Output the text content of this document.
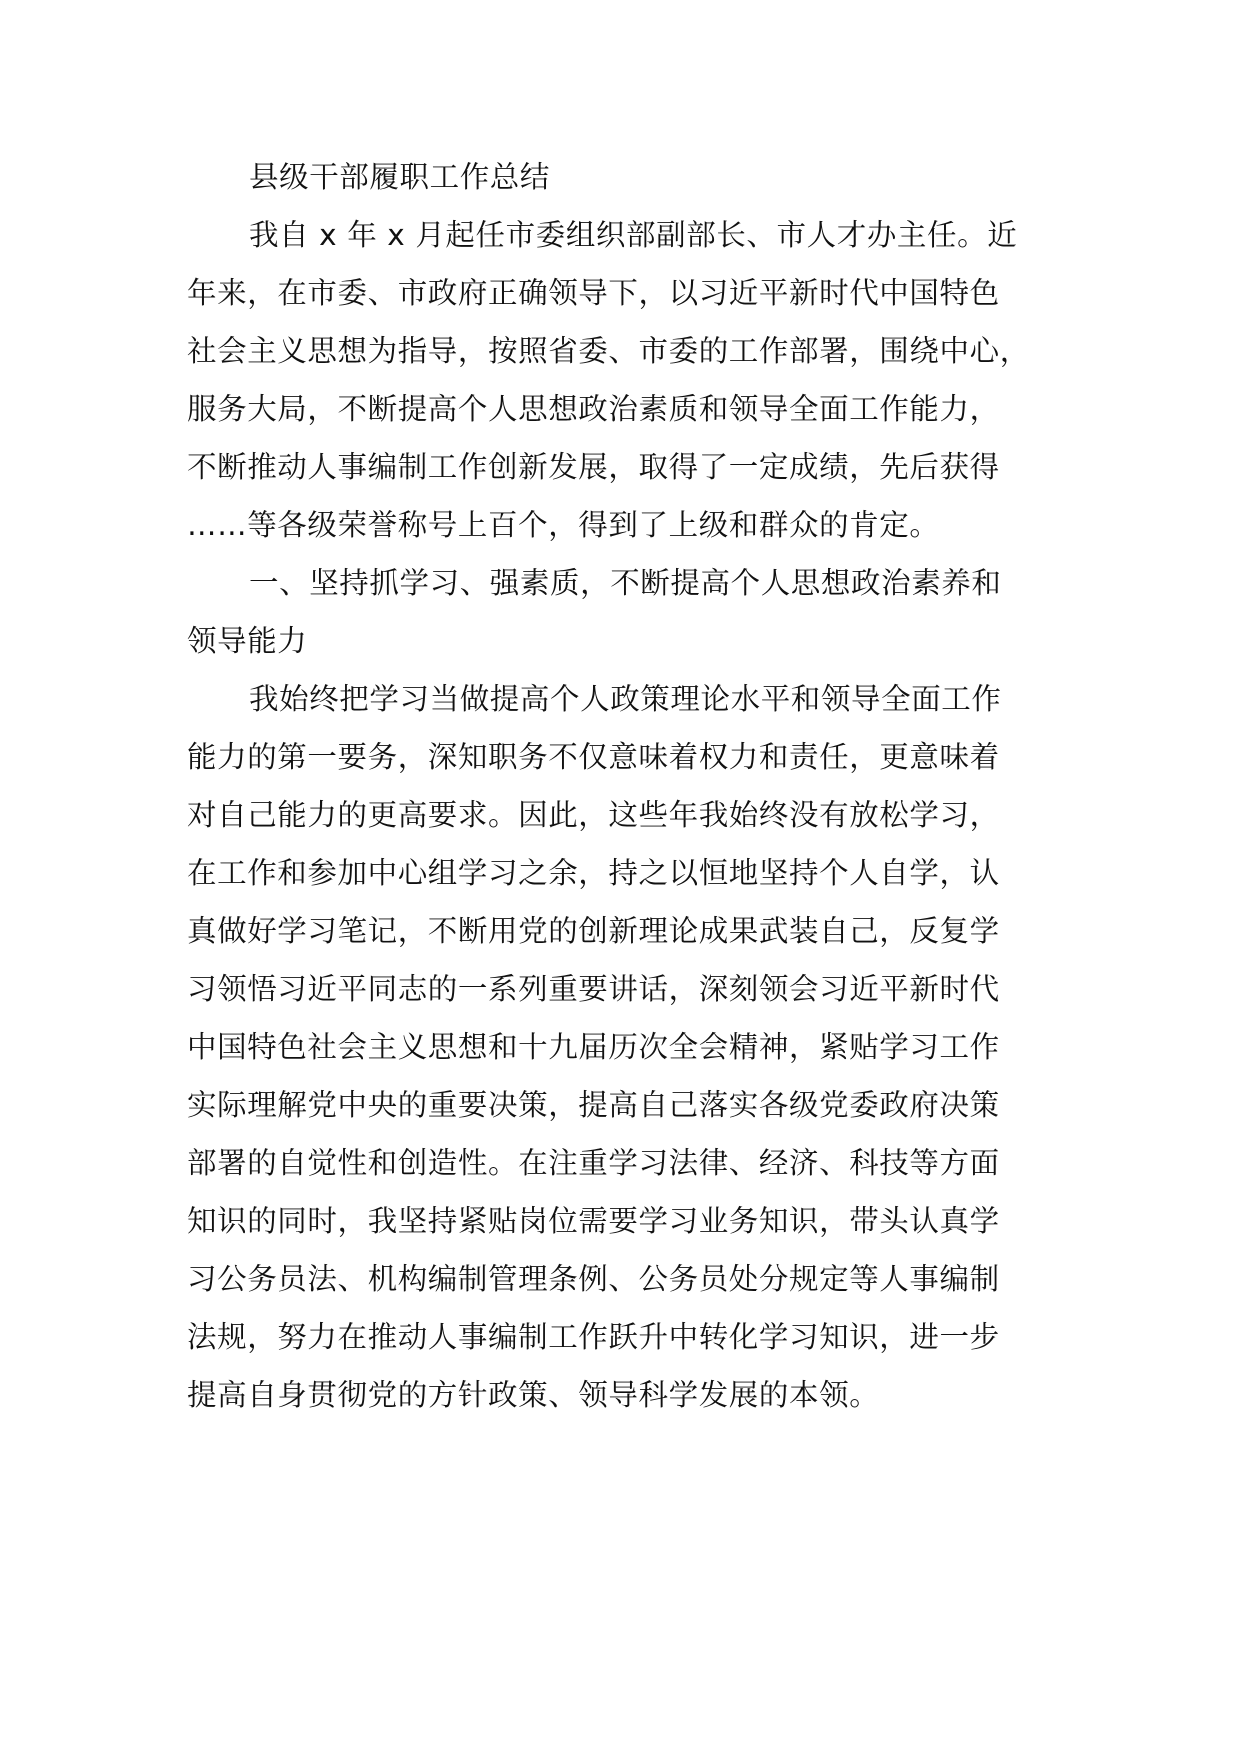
县级干部履职工作总结
我自 x 年 x 月起任市委组织部副部长、市人才办主任。近
年来，在市委、市政府正确领导下，以习近平新时代中国特色
社会主义思想为指导，按照省委、市委的工作部署，围绕中心，
服务大局，不断提高个人思想政治素质和领导全面工作能力，
不断推动人事编制工作创新发展，取得了一定成绩，先后获得
……等各级荣誉称号上百个，得到了上级和群众的肯定。
一、坚持抓学习、强素质，不断提高个人思想政治素养和
领导能力
我始终把学习当做提高个人政策理论水平和领导全面工作
能力的第一要务，深知职务不仅意味着权力和责任，更意味着
对自己能力的更高要求。因此，这些年我始终没有放松学习，
在工作和参加中心组学习之余，持之以恒地坚持个人自学，认
真做好学习笔记，不断用党的创新理论成果武装自己，反复学
习领悟习近平同志的一系列重要讲话，深刻领会习近平新时代
中国特色社会主义思想和十九届历次全会精神，紧贴学习工作
实际理解党中央的重要决策，提高自己落实各级党委政府决策
部署的自觉性和创造性。在注重学习法律、经济、科技等方面
知识的同时，我坚持紧贴岗位需要学习业务知识，带头认真学
习公务员法、机构编制管理条例、公务员处分规定等人事编制
法规，努力在推动人事编制工作跃升中转化学习知识，进一步
提高自身贯彻党的方针政策、领导科学发展的本领。
